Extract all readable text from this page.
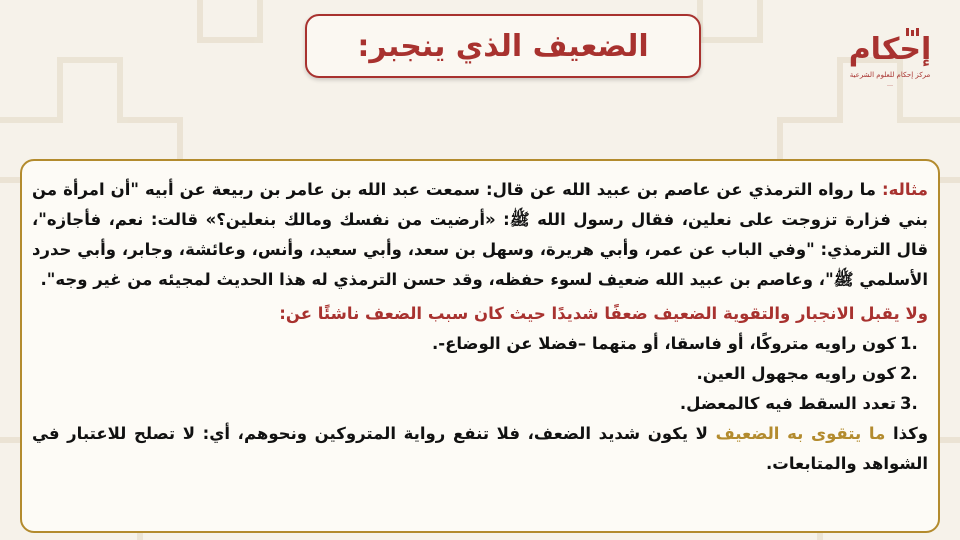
الضعيف الذي ينجبر:	إحكام
مركز إحكام للعلوم الشرعية
…

مثاله: ما رواه الترمذي عن عاصم بن عبيد الله عن قال: سمعت عبد الله بن عامر بن ربيعة عن أبيه "أن امرأة من بني فزارة تزوجت على نعلين، فقال رسول الله ﷺ: «أرضيت من نفسك ومالك بنعلين؟» قالت: نعم، فأجازه"، قال الترمذي: "وفي الباب عن عمر، وأبي هريرة، وسهل بن سعد، وأبي سعيد، وأنس، وعائشة، وجابر، وأبي حدرد الأسلمي ﷺ"، وعاصم بن عبيد الله ضعيف لسوء حفظه، وقد حسن الترمذي له هذا الحديث لمجيئه من غير وجه".

ولا يقبل الانجبار والتقوية الضعيف ضعفًا شديدًا حيث كان سبب الضعف ناشئًا عن:

1.
كون راويه متروكًا، أو فاسقا، أو متهما –فضلا عن الوضاع-.
2.
كون راويه مجهول العين.
3.
تعدد السقط فيه كالمعضل.

وكذا ما يتقوى به الضعيف لا يكون شديد الضعف، فلا تنفع رواية المتروكين ونحوهم، أي: لا تصلح للاعتبار في الشواهد والمتابعات.
